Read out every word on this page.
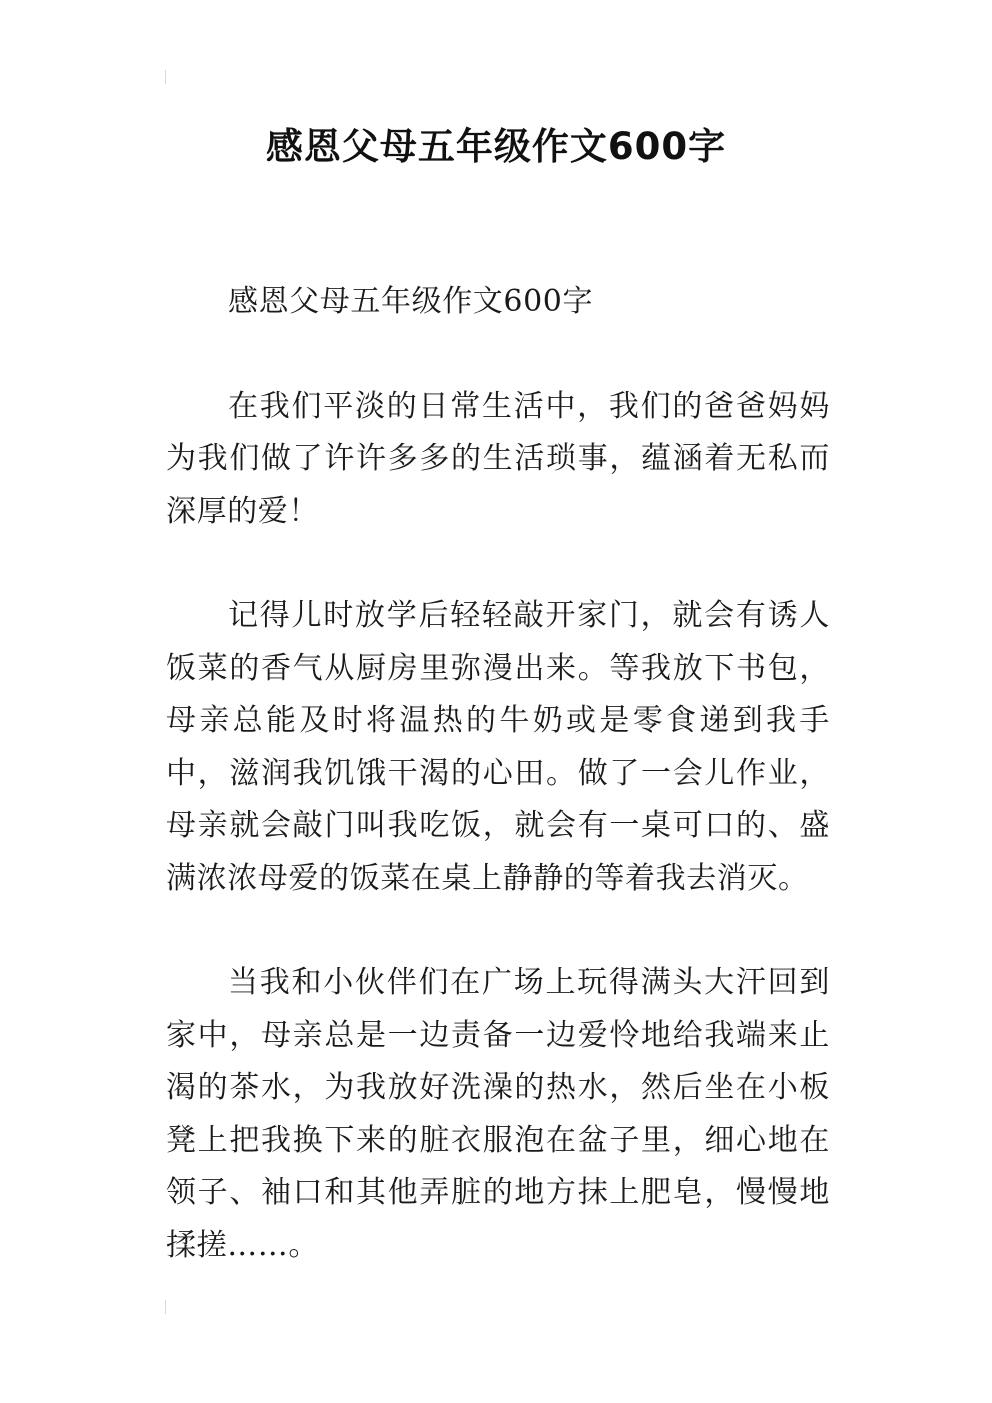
感恩父母五年级作文600字

感恩父母五年级作文600字

在我们平淡的日常生活中，我们的爸爸妈妈为我们做了许许多多的生活琐事，蕴涵着无私而深厚的爱！

记得儿时放学后轻轻敲开家门，就会有诱人饭菜的香气从厨房里弥漫出来。等我放下书包，母亲总能及时将温热的牛奶或是零食递到我手中，滋润我饥饿干渴的心田。做了一会儿作业，母亲就会敲门叫我吃饭，就会有一桌可口的、盛满浓浓母爱的饭菜在桌上静静的等着我去消灭。

当我和小伙伴们在广场上玩得满头大汗回到家中，母亲总是一边责备一边爱怜地给我端来止渴的茶水，为我放好洗澡的热水，然后坐在小板凳上把我换下来的脏衣服泡在盆子里，细心地在领子、袖口和其他弄脏的地方抹上肥皂，慢慢地揉搓……。
